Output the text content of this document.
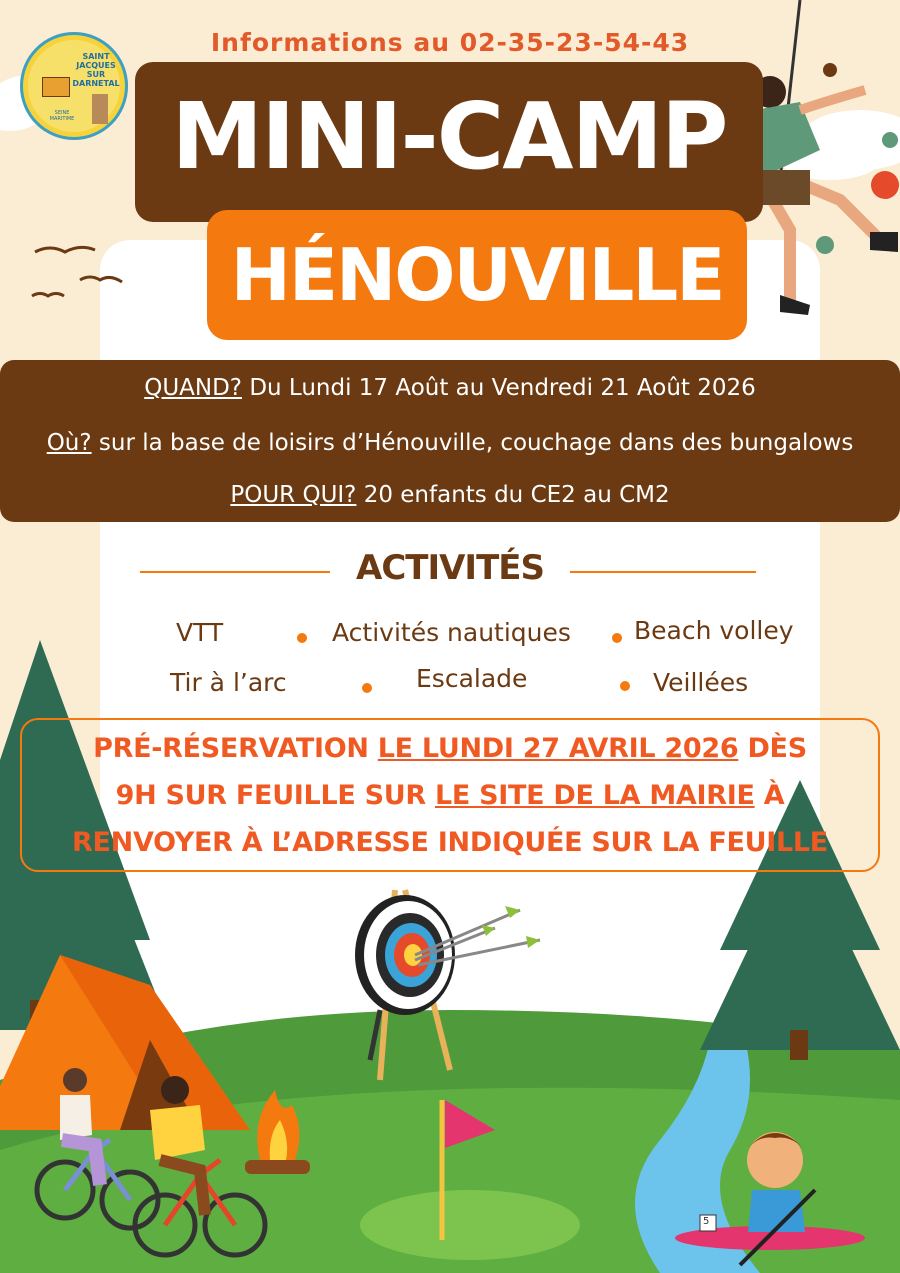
SAINT
JACQUES
SUR
DARNETAL
SEINE
MARITIME
Informations au 02-35-23-54-43
MINI-CAMP
HÉNOUVILLE
QUAND? Du Lundi 17 Août au Vendredi 21 Août 2026
Où? sur la base de loisirs d’Hénouville, couchage dans des bungalows
POUR QUI? 20 enfants du CE2 au CM2
ACTIVITÉS
VTT	Activités nautiques	Beach volley
Tir à l’arc	Escalade	Veillées
PRÉ-RÉSERVATION LE LUNDI 27 AVRIL 2026 DÈS
9H SUR FEUILLE SUR LE SITE DE LA MAIRIE À
RENVOYER À L’ADRESSE INDIQUÉE SUR LA FEUILLE
5
